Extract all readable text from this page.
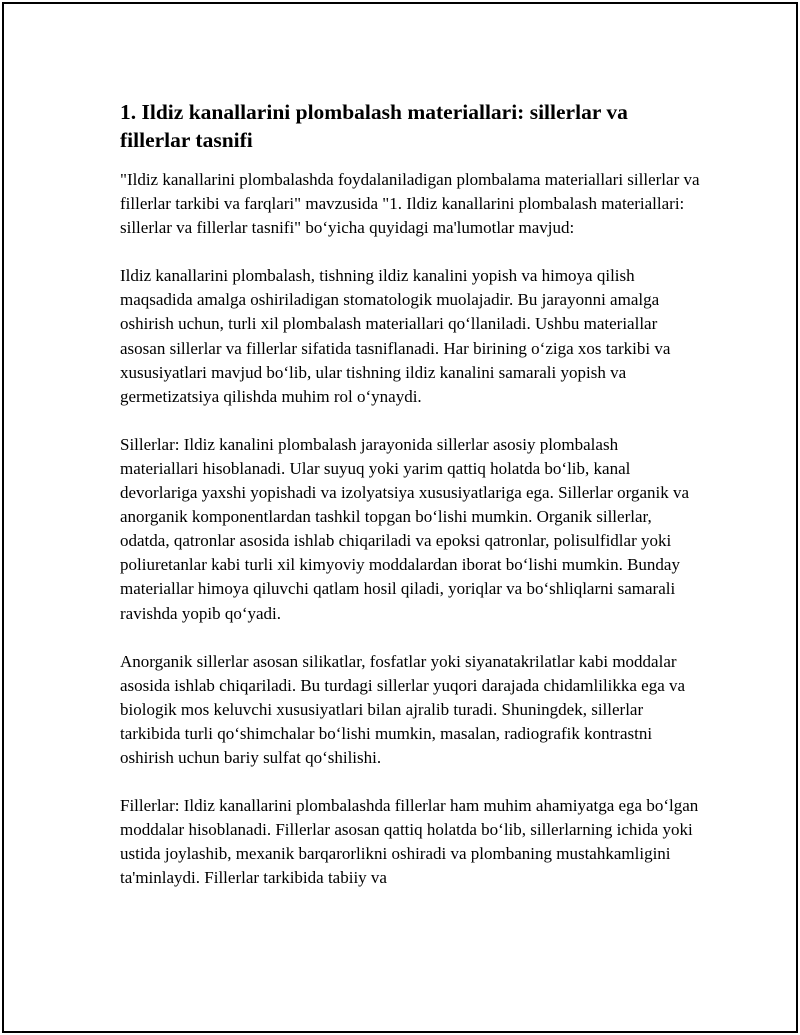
1. Ildiz kanallarini plombalash materiallari: sillerlar va fillerlar tasnifi

"Ildiz kanallarini plombalashda foydalaniladigan plombalama materiallari sillerlar va fillerlar tarkibi va farqlari" mavzusida "1. Ildiz kanallarini plombalash materiallari: sillerlar va fillerlar tasnifi" bo‘yicha quyidagi ma'lumotlar mavjud:

Ildiz kanallarini plombalash, tishning ildiz kanalini yopish va himoya qilish maqsadida amalga oshiriladigan stomatologik muolajadir. Bu jarayonni amalga oshirish uchun, turli xil plombalash materiallari qo‘llaniladi. Ushbu materiallar asosan sillerlar va fillerlar sifatida tasniflanadi. Har birining o‘ziga xos tarkibi va xususiyatlari mavjud bo‘lib, ular tishning ildiz kanalini samarali yopish va germetizatsiya qilishda muhim rol o‘ynaydi.

Sillerlar: Ildiz kanalini plombalash jarayonida sillerlar asosiy plombalash materiallari hisoblanadi. Ular suyuq yoki yarim qattiq holatda bo‘lib, kanal devorlariga yaxshi yopishadi va izolyatsiya xususiyatlariga ega. Sillerlar organik va anorganik komponentlardan tashkil topgan bo‘lishi mumkin. Organik sillerlar, odatda, qatronlar asosida ishlab chiqariladi va epoksi qatronlar, polisulfidlar yoki poliuretanlar kabi turli xil kimyoviy moddalardan iborat bo‘lishi mumkin. Bunday materiallar himoya qiluvchi qatlam hosil qiladi, yoriqlar va bo‘shliqlarni samarali ravishda yopib qo‘yadi.

Anorganik sillerlar asosan silikatlar, fosfatlar yoki siyanatakrilatlar kabi moddalar asosida ishlab chiqariladi. Bu turdagi sillerlar yuqori darajada chidamlilikka ega va biologik mos keluvchi xususiyatlari bilan ajralib turadi. Shuningdek, sillerlar tarkibida turli qo‘shimchalar bo‘lishi mumkin, masalan, radiografik kontrastni oshirish uchun bariy sulfat qo‘shilishi.

Fillerlar: Ildiz kanallarini plombalashda fillerlar ham muhim ahamiyatga ega bo‘lgan moddalar hisoblanadi. Fillerlar asosan qattiq holatda bo‘lib, sillerlarning ichida yoki ustida joylashib, mexanik barqarorlikni oshiradi va plombaning mustahkamligini ta'minlaydi. Fillerlar tarkibida tabiiy va
